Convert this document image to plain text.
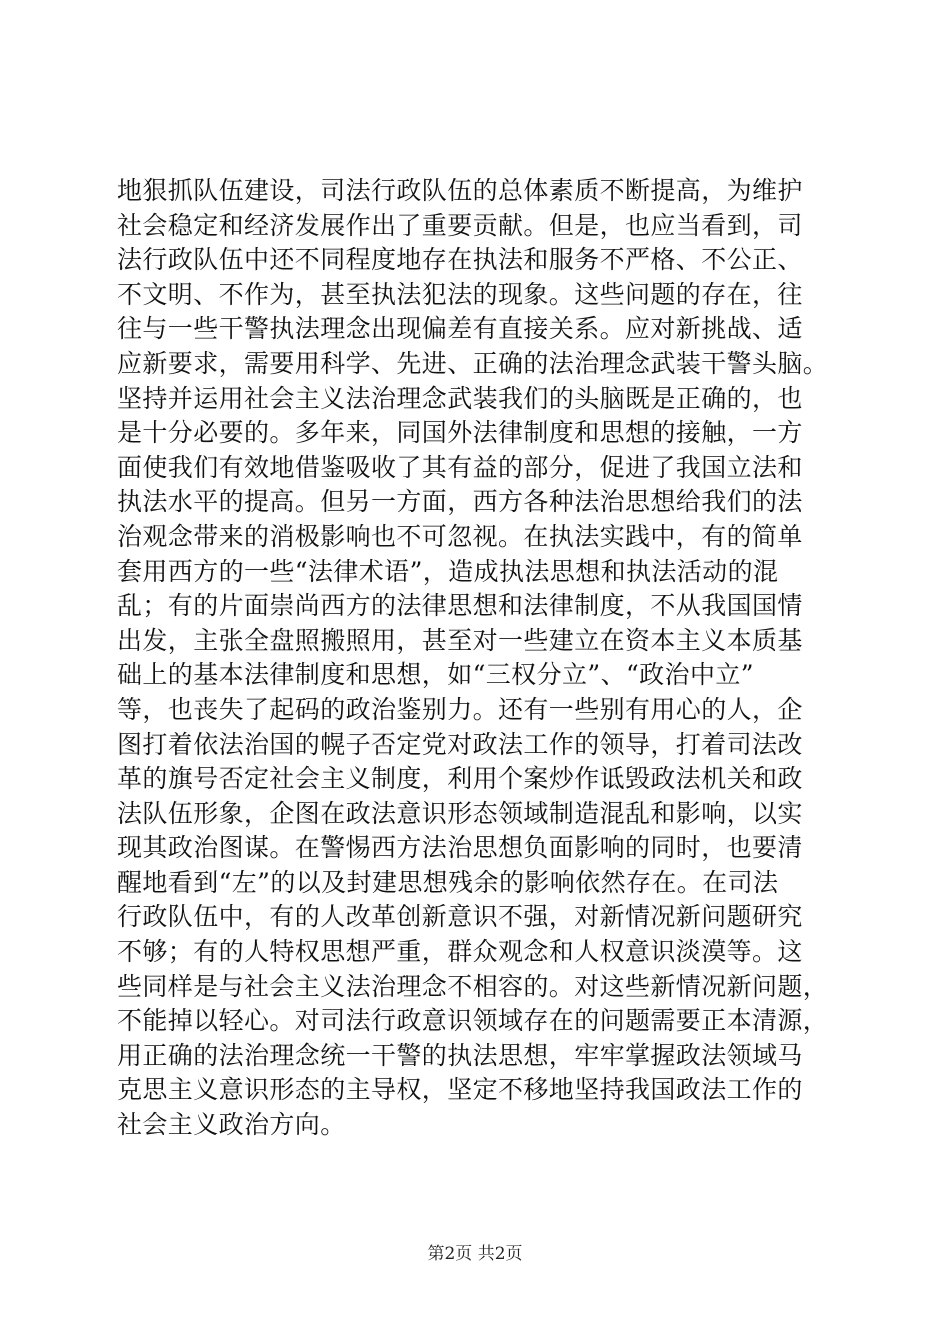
地狠抓队伍建设，司法行政队伍的总体素质不断提高，为维护
社会稳定和经济发展作出了重要贡献。但是，也应当看到，司
法行政队伍中还不同程度地存在执法和服务不严格、不公正、
不文明、不作为，甚至执法犯法的现象。这些问题的存在，往
往与一些干警执法理念出现偏差有直接关系。应对新挑战、适
应新要求，需要用科学、先进、正确的法治理念武装干警头脑。
坚持并运用社会主义法治理念武装我们的头脑既是正确的，也
是十分必要的。多年来，同国外法律制度和思想的接触，一方
面使我们有效地借鉴吸收了其有益的部分，促进了我国立法和
执法水平的提高。但另一方面，西方各种法治思想给我们的法
治观念带来的消极影响也不可忽视。在执法实践中，有的简单
套用西方的一些“法律术语”，造成执法思想和执法活动的混
乱；有的片面崇尚西方的法律思想和法律制度，不从我国国情
出发，主张全盘照搬照用，甚至对一些建立在资本主义本质基
础上的基本法律制度和思想，如“三权分立”、“政治中立”
等，也丧失了起码的政治鉴别力。还有一些别有用心的人，企
图打着依法治国的幌子否定党对政法工作的领导，打着司法改
革的旗号否定社会主义制度，利用个案炒作诋毁政法机关和政
法队伍形象，企图在政法意识形态领域制造混乱和影响，以实
现其政治图谋。在警惕西方法治思想负面影响的同时，也要清
醒地看到“左”的以及封建思想残余的影响依然存在。在司法
行政队伍中，有的人改革创新意识不强，对新情况新问题研究
不够；有的人特权思想严重，群众观念和人权意识淡漠等。这
些同样是与社会主义法治理念不相容的。对这些新情况新问题，
不能掉以轻心。对司法行政意识领域存在的问题需要正本清源，
用正确的法治理念统一干警的执法思想，牢牢掌握政法领域马
克思主义意识形态的主导权，坚定不移地坚持我国政法工作的
社会主义政治方向。
第2页 共2页
